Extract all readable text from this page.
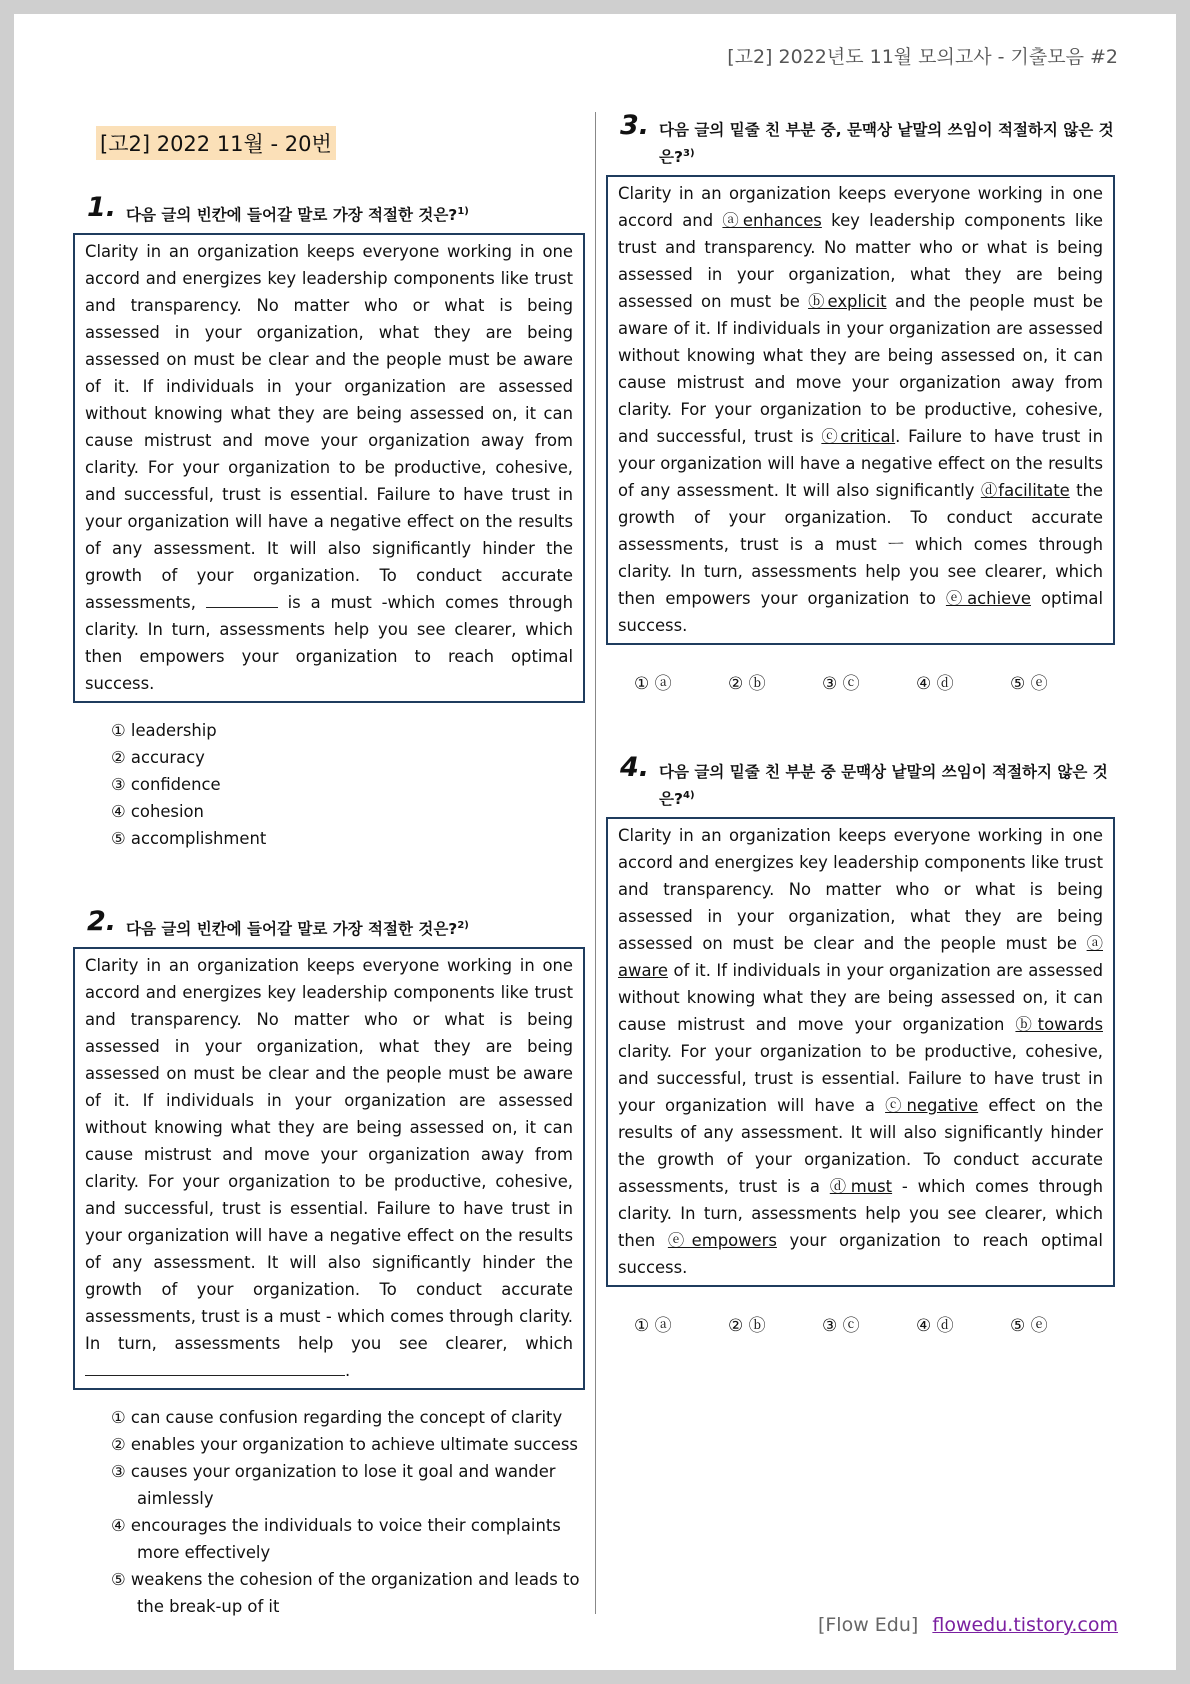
[고2] 2022년도 11월 모의고사 - 기출모음 #2
[고2] 2022 11월 - 20번
1. 다음 글의 빈칸에 들어갈 말로 가장 적절한 것은?$^{1)}$
Clarity in an organization keeps everyone working in one accord and energizes key leadership components like trust and transparency. No matter who or what is being assessed in your organization, what they are being assessed on must be clear and the people must be aware of it. If individuals in your organization are assessed without knowing what they are being assessed on, it can cause mistrust and move your organization away from clarity. For your organization to be productive, cohesive, and successful, trust is essential. Failure to have trust in your organization will have a negative effect on the results of any assessment. It will also significantly hinder the growth of your organization. To conduct accurate assessments,	is a must -which comes through clarity. In turn, assessments help you see clearer, which then empowers your organization to reach optimal success.
① leadership
② accuracy
③ confidence
④ cohesion
⑤ accomplishment
2. 다음 글의 빈칸에 들어갈 말로 가장 적절한 것은?$^{2)}$
Clarity in an organization keeps everyone working in one accord and energizes key leadership components like trust and transparency. No matter who or what is being assessed in your organization, what they are being assessed on must be clear and the people must be aware of it. If individuals in your organization are assessed without knowing what they are being assessed on, it can cause mistrust and move your organization away from clarity. For your organization to be productive, cohesive, and successful, trust is essential. Failure to have trust in your organization will have a negative effect on the results of any assessment. It will also significantly hinder the growth of your organization. To conduct accurate assessments, trust is a must - which comes through clarity. In turn, assessments help you see clearer, which .
① can cause confusion regarding the concept of clarity
② enables your organization to achieve ultimate success
③ causes your organization to lose it goal and wander aimlessly
④ encourages the individuals to voice their complaints more effectively
⑤ weakens the cohesion of the organization and leads to the break-up of it
3. 다음 글의 밑줄 친 부분 중, 문맥상 낱말의 쓰임이 적절하지 않은 것은?$^{3)}$
Clarity in an organization keeps everyone working in one accord and ⓐenhances key leadership components like trust and transparency. No matter who or what is being assessed in your organization, what they are being assessed on must be ⓑexplicit and the people must be aware of it. If individuals in your organization are assessed without knowing what they are being assessed on, it can cause mistrust and move your organization away from clarity. For your organization to be productive, cohesive, and successful, trust is ⓒcritical. Failure to have trust in your organization will have a negative effect on the results of any assessment. It will also significantly ⓓfacilitate the growth of your organization. To conduct accurate assessments, trust is a must ㅡ which comes through clarity. In turn, assessments help you see clearer, which then empowers your organization to ⓔachieve optimal success.
① ⓐ	② ⓑ	③ ⓒ	④ ⓓ	⑤ ⓔ
4. 다음 글의 밑줄 친 부분 중 문맥상 낱말의 쓰임이 적절하지 않은 것은?$^{4)}$
Clarity in an organization keeps everyone working in one accord and energizes key leadership components like trust and transparency. No matter who or what is being assessed in your organization, what they are being assessed on must be clear and the people must be ⓐ aware of it. If individuals in your organization are assessed without knowing what they are being assessed on, it can cause mistrust and move your organization ⓑtowards clarity. For your organization to be productive, cohesive, and successful, trust is essential. Failure to have trust in your organization will have a ⓒnegative effect on the results of any assessment. It will also significantly hinder the growth of your organization. To conduct accurate assessments, trust is a ⓓmust - which comes through clarity. In turn, assessments help you see clearer, which then ⓔempowers your organization to reach optimal success.
① ⓐ	② ⓑ	③ ⓒ	④ ⓓ	⑤ ⓔ
[Flow Edu] flowedu.tistory.com
